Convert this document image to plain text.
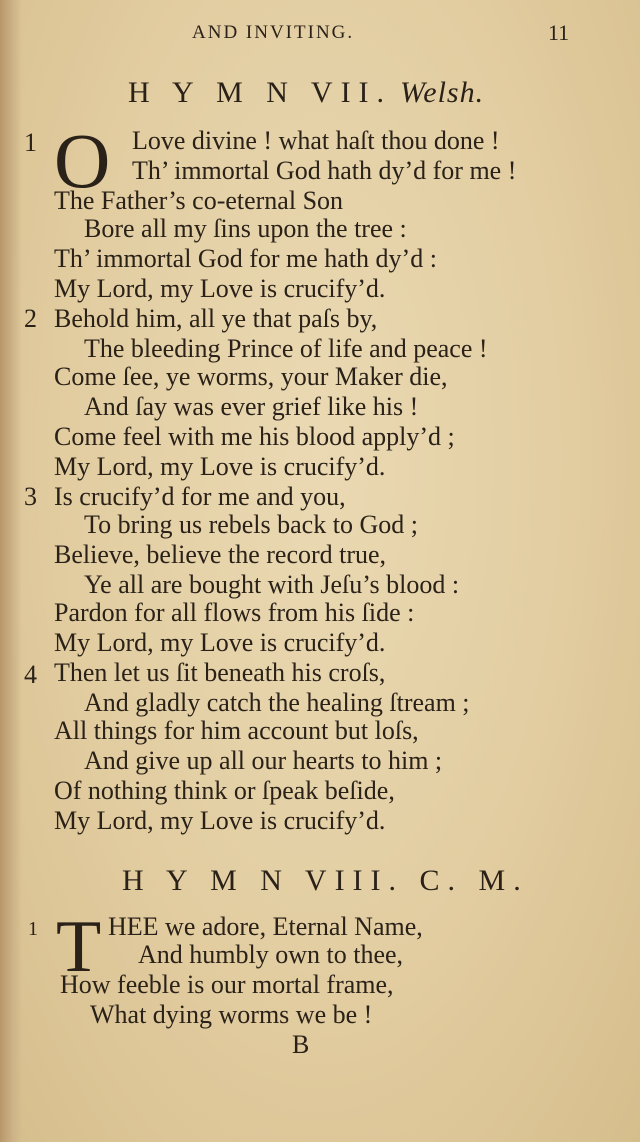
AND INVITING.	11
H Y M N VII. Welsh.
1 O Love divine ! what haſt thou done !
Th’ immortal God hath dy’d for me !
The Father’s co-eternal Son
Bore all my ſins upon the tree :
Th’ immortal God for me hath dy’d :
My Lord, my Love is crucify’d.
2 Behold him, all ye that paſs by,
The bleeding Prince of life and peace !
Come ſee, ye worms, your Maker die,
And ſay was ever grief like his !
Come feel with me his blood apply’d ;
My Lord, my Love is crucify’d.
3 Is crucify’d for me and you,
To bring us rebels back to God ;
Believe, believe the record true,
Ye all are bought with Jeſu’s blood :
Pardon for all flows from his ſide :
My Lord, my Love is crucify’d.
4 Then let us ſit beneath his croſs,
And gladly catch the healing ſtream ;
All things for him account but loſs,
And give up all our hearts to him ;
Of nothing think or ſpeak beſide,
My Lord, my Love is crucify’d.
H Y M N VIII. C. M.
1 T HEE we adore, Eternal Name,
And humbly own to thee,
How feeble is our mortal frame,
What dying worms we be !
B
